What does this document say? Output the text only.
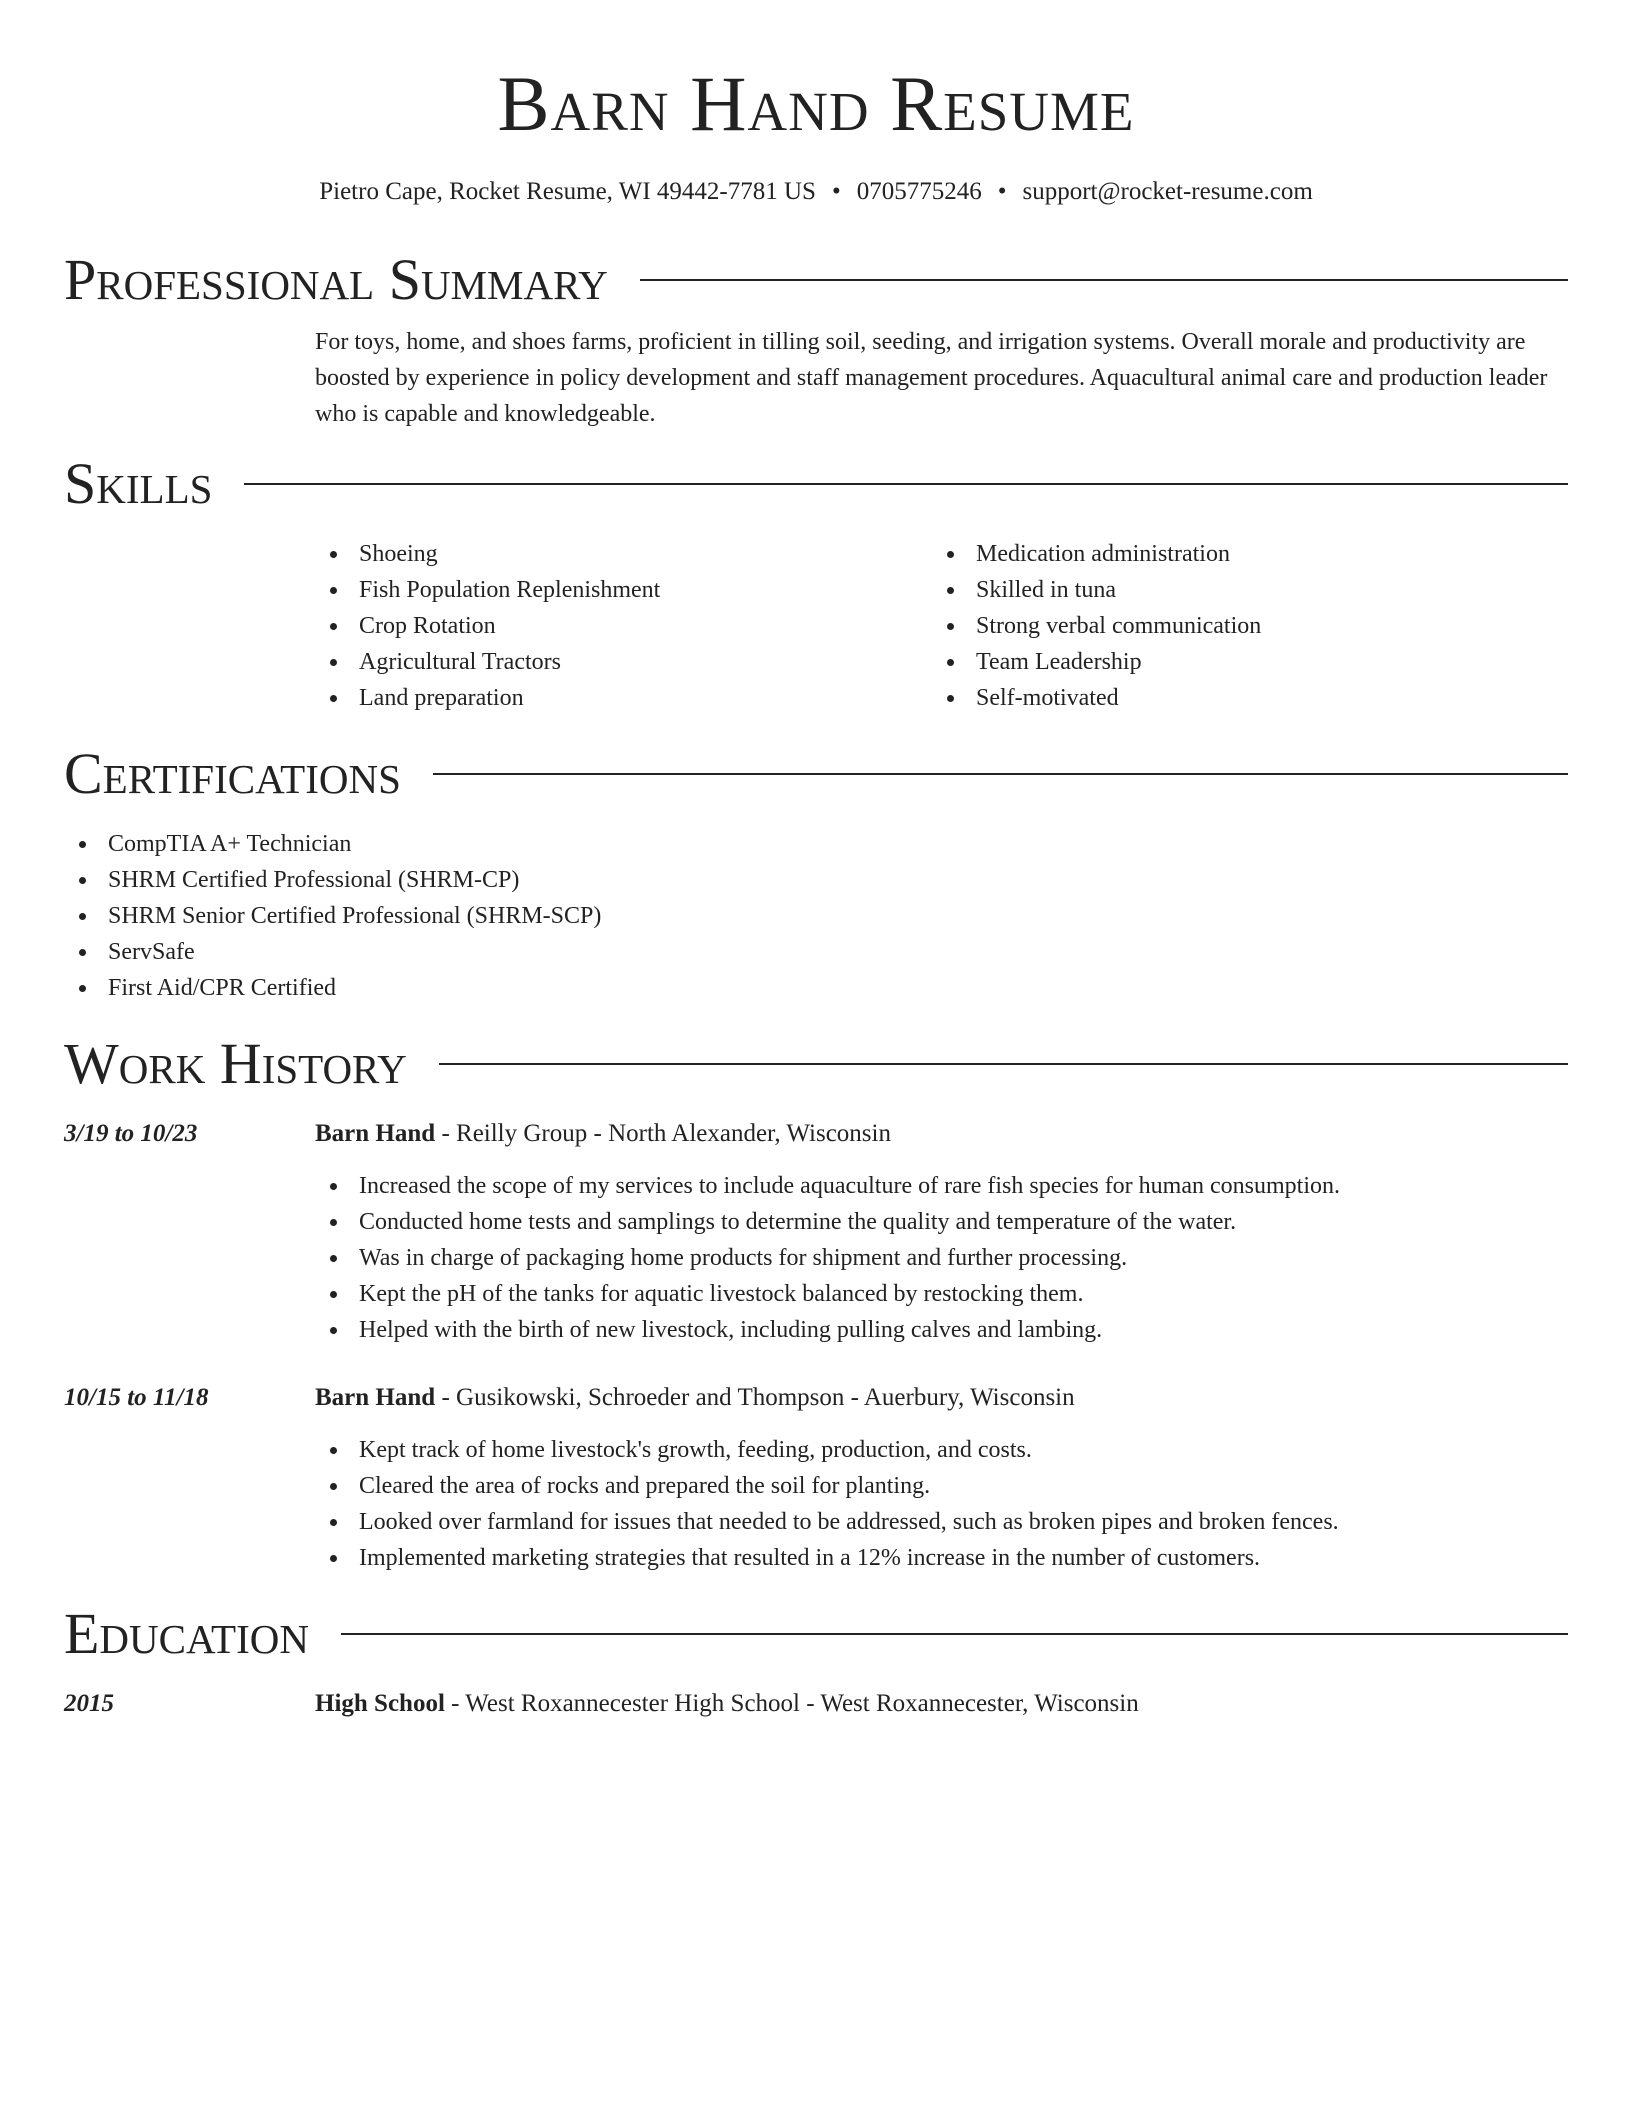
Barn Hand Resume
Pietro Cape, Rocket Resume, WI 49442-7781 US • 0705775246 • support@rocket-resume.com
Professional Summary
For toys, home, and shoes farms, proficient in tilling soil, seeding, and irrigation systems. Overall morale and productivity are boosted by experience in policy development and staff management procedures. Aquacultural animal care and production leader who is capable and knowledgeable.
Skills
Shoeing
Fish Population Replenishment
Crop Rotation
Agricultural Tractors
Land preparation
Medication administration
Skilled in tuna
Strong verbal communication
Team Leadership
Self-motivated
Certifications
CompTIA A+ Technician
SHRM Certified Professional (SHRM-CP)
SHRM Senior Certified Professional (SHRM-SCP)
ServSafe
First Aid/CPR Certified
Work History
3/19 to 10/23	Barn Hand - Reilly Group - North Alexander, Wisconsin
Increased the scope of my services to include aquaculture of rare fish species for human consumption.
Conducted home tests and samplings to determine the quality and temperature of the water.
Was in charge of packaging home products for shipment and further processing.
Kept the pH of the tanks for aquatic livestock balanced by restocking them.
Helped with the birth of new livestock, including pulling calves and lambing.
10/15 to 11/18	Barn Hand - Gusikowski, Schroeder and Thompson - Auerbury, Wisconsin
Kept track of home livestock's growth, feeding, production, and costs.
Cleared the area of rocks and prepared the soil for planting.
Looked over farmland for issues that needed to be addressed, such as broken pipes and broken fences.
Implemented marketing strategies that resulted in a 12% increase in the number of customers.
Education
2015	High School - West Roxannecester High School - West Roxannecester, Wisconsin
